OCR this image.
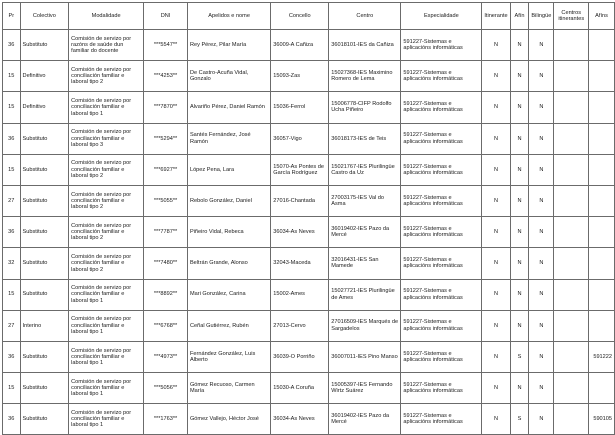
Pr	Colectivo	Modalidade	DNI	Apelidos e nome	Concello	Centro	Especialidade	Itinerante	Afín	Bilingüe	Centros itinerantes	Afíns
36	Substituto	Comisión de servizo por razóns de saúde dun familiar do docente	***5547**	Rey Pérez, Pilar María	36009-A Cañiza	36018101-IES da Cañiza	591227-Sistemas e aplicacións informáticas	N	N	N		
15	Definitivo	Comisión de servizo por conciliación familiar e laboral tipo 2	***4253**	De Castro-Acuña Vidal, Gonzalo	15093-Zas	15027368-IES Maximino Romero de Lema	591227-Sistemas e aplicacións informáticas	N	N	N		
15	Definitivo	Comisión de servizo por conciliación familiar e laboral tipo 1	***7870**	Alvariño Pérez, Daniel Ramón	15036-Ferrol	15006778-CIFP Rodolfo Ucha Piñeiro	591227-Sistemas e aplicacións informáticas	N	N	N		
36	Substituto	Comisión de servizo por conciliación familiar e laboral tipo 3	***5294**	Santés Fernández, José Ramón	36057-Vigo	36018173-IES de Teis	591227-Sistemas e aplicacións informáticas	N	N	N		
15	Substituto	Comisión de servizo por conciliación familiar e laboral tipo 2	***6927**	López Pena, Lara	15070-As Pontes de García Rodríguez	15021767-IES Plurilingüe Castro da Uz	591227-Sistemas e aplicacións informáticas	N	N	N		
27	Substituto	Comisión de servizo por conciliación familiar e laboral tipo 2	***5055**	Rebolo González, Daniel	27016-Chantada	27003175-IES Val do Asma	591227-Sistemas e aplicacións informáticas	N	N	N		
36	Substituto	Comisión de servizo por conciliación familiar e laboral tipo 2	***7787**	Piñeiro Vidal, Rebeca	36034-As Neves	36019402-IES Pazo da Mercé	591227-Sistemas e aplicacións informáticas	N	N	N		
32	Substituto	Comisión de servizo por conciliación familiar e laboral tipo 2	***7480**	Beltrán Grande, Alonso	32043-Maceda	32016431-IES San Mamede	591227-Sistemas e aplicacións informáticas	N	N	N		
15	Substituto	Comisión de servizo por conciliación familiar e laboral tipo 1	***8892**	Mari González, Carina	15002-Ames	15027721-IES Plurilingüe de Ames	591227-Sistemas e aplicacións informáticas	N	N	N		
27	Interino	Comisión de servizo por conciliación familiar e laboral tipo 1	***6768**	Ceñal Gutiérrez, Rubén	27013-Cervo	27016509-IES Marqués de Sargadelos	591227-Sistemas e aplicacións informáticas	N	N	N		
36	Substituto	Comisión de servizo por conciliación familiar e laboral tipo 1	***4973**	Fernández González, Luis Alberto	36039-O Porriño	36007011-IES Pino Manso	591227-Sistemas e aplicacións informáticas	N	S	N		591222
15	Substituto	Comisión de servizo por conciliación familiar e laboral tipo 1	***5056**	Gómez Recuoso, Carmen María	15030-A Coruña	15005397-IES Fernando Wirtz Suárez	591227-Sistemas e aplicacións informáticas	N	N	N		
36	Substituto	Comisión de servizo por conciliación familiar e laboral tipo 1	***1763**	Gómez Vallejo, Héctor José	36034-As Neves	36019402-IES Pazo da Mercé	591227-Sistemas e aplicacións informáticas	N	S	N		590105
